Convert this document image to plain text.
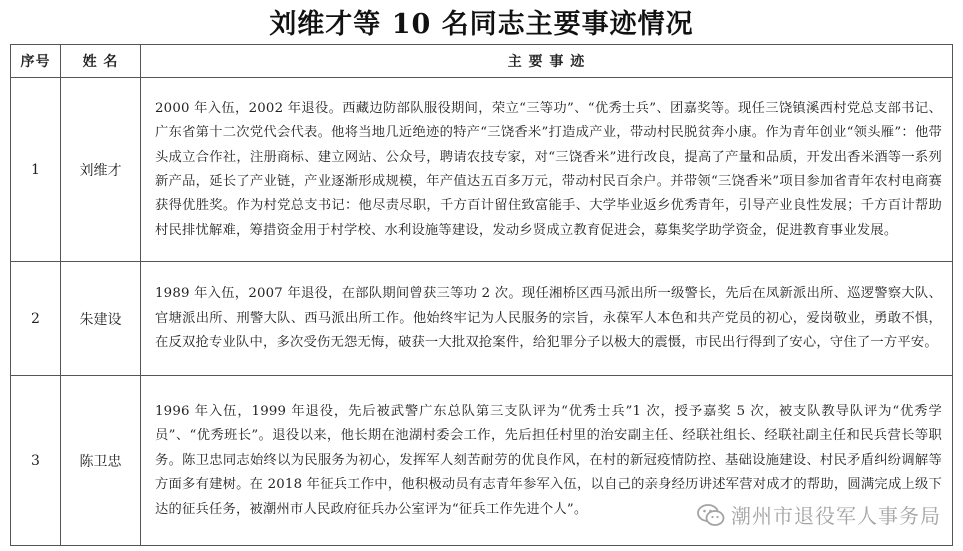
刘维才等 10 名同志主要事迹情况
序号	姓 名	主 要 事 迹
1	刘维才	2000 年入伍，2002 年退役。西藏边防部队服役期间，荣立“三等功”、“优秀士兵”、团嘉奖等。现任三饶镇溪西村党总支部书记、广东省第十二次党代会代表。他将当地几近绝迹的特产“三饶香米”打造成产业，带动村民脱贫奔小康。作为青年创业“领头雁”：他带头成立合作社，注册商标、建立网站、公众号，聘请农技专家，对“三饶香米”进行改良，提高了产量和品质，开发出香米酒等一系列新产品，延长了产业链，产业逐渐形成规模，年产值达五百多万元，带动村民百余户。并带领“三饶香米”项目参加省青年农村电商赛获得优胜奖。作为村党总支书记：他尽责尽职，千方百计留住致富能手、大学毕业返乡优秀青年，引导产业良性发展；千方百计帮助村民排忧解难，筹措资金用于村学校、水利设施等建设，发动乡贤成立教育促进会，募集奖学助学资金，促进教育事业发展。
2	朱建设	1989 年入伍，2007 年退役，在部队期间曾获三等功 2 次。现任湘桥区西马派出所一级警长，先后在凤新派出所、巡逻警察大队、官塘派出所、刑警大队、西马派出所工作。他始终牢记为人民服务的宗旨，永葆军人本色和共产党员的初心，爱岗敬业，勇敢不惧，在反双抢专业队中，多次受伤无怨无悔，破获一大批双抢案件，给犯罪分子以极大的震慑，市民出行得到了安心，守住了一方平安。
3	陈卫忠	1996 年入伍，1999 年退役，先后被武警广东总队第三支队评为“优秀士兵”1 次，授予嘉奖 5 次，被支队教导队评为“优秀学员”、“优秀班长”。退役以来，他长期在池湖村委会工作，先后担任村里的治安副主任、经联社组长、经联社副主任和民兵营长等职务。陈卫忠同志始终以为民服务为初心，发挥军人刻苦耐劳的优良作风，在村的新冠疫情防控、基础设施建设、村民矛盾纠纷调解等方面多有建树。在 2018 年征兵工作中，他积极动员有志青年参军入伍，以自己的亲身经历讲述军营对成才的帮助，圆满完成上级下达的征兵任务，被潮州市人民政府征兵办公室评为“征兵工作先进个人”。	潮州市退役军人事务局
